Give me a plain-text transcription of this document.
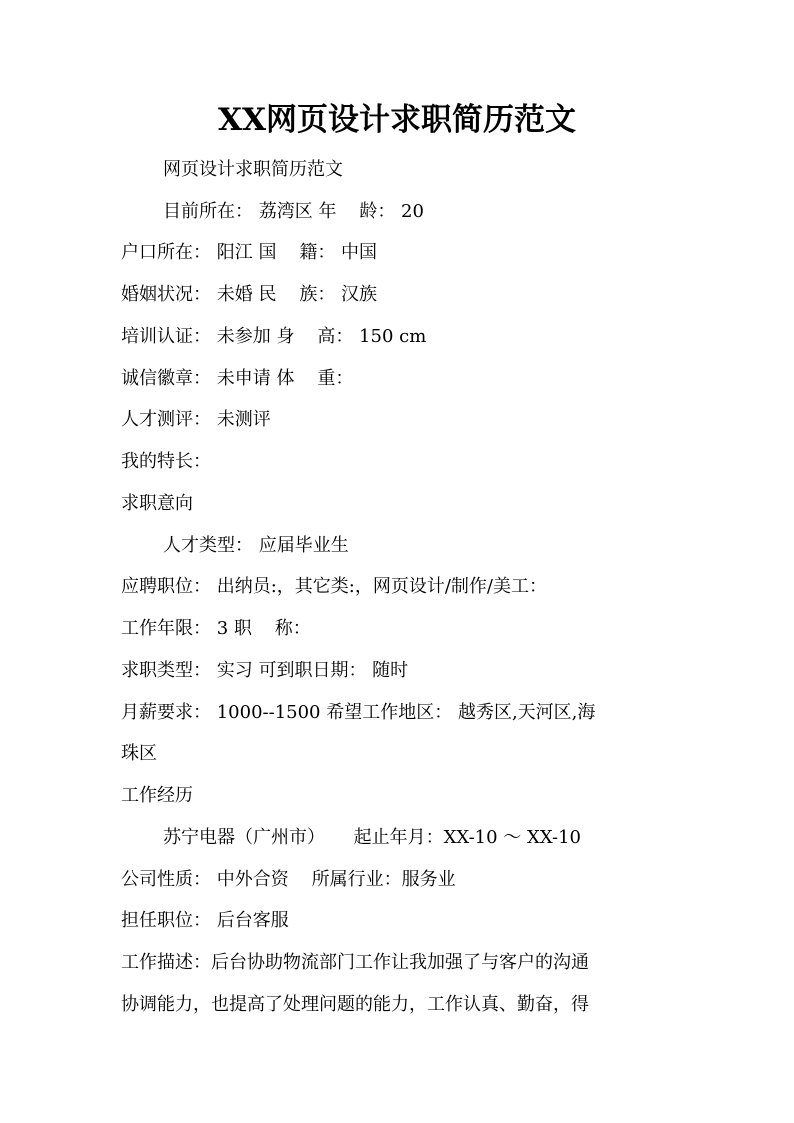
XX网页设计求职简历范文
网页设计求职简历范文
目前所在： 荔湾区 年    龄： 20
户口所在： 阳江 国    籍： 中国
婚姻状况： 未婚 民    族： 汉族
培训认证： 未参加 身    高： 150 cm
诚信徽章： 未申请 体    重：
人才测评： 未测评
我的特长：
求职意向
人才类型： 应届毕业生
应聘职位： 出纳员:，其它类:，网页设计/制作/美工：
工作年限： 3 职    称：
求职类型： 实习 可到职日期： 随时
月薪要求： 1000--1500 希望工作地区： 越秀区,天河区,海
珠区
工作经历
苏宁电器（广州市）     起止年月：XX-10 ～ XX-10
公司性质： 中外合资    所属行业：服务业
担任职位： 后台客服
工作描述：后台协助物流部门工作让我加强了与客户的沟通
协调能力，也提高了处理问题的能力，工作认真、勤奋，得
